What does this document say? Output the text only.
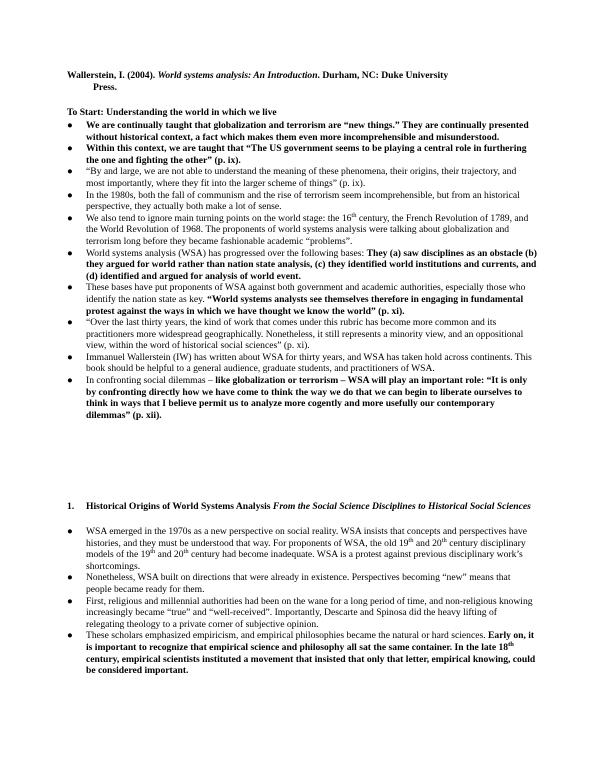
Wallerstein, I. (2004). World systems analysis: An Introduction. Durham, NC: Duke University
Press.
To Start: Understanding the world in which we live
● We are continually taught that globalization and terrorism are “new things.” They are continually presented without historical context, a fact which makes them even more incomprehensible and misunderstood.
● Within this context, we are taught that “The US government seems to be playing a central role in furthering the one and fighting the other” (p. ix).
● “By and large, we are not able to understand the meaning of these phenomena, their origins, their trajectory, and most importantly, where they fit into the larger scheme of things” (p. ix).
● In the 1980s, both the fall of communism and the rise of terrorism seem incomprehensible, but from an historical perspective, they actually both make a lot of sense.
● We also tend to ignore main turning points on the world stage: the 16th century, the French Revolution of 1789, and the World Revolution of 1968. The proponents of world systems analysis were talking about globalization and terrorism long before they became fashionable academic “problems”.
● World systems analysis (WSA) has progressed over the following bases: They (a) saw disciplines as an obstacle (b) they argued for world rather than nation state analysis, (c) they identified world institutions and currents, and (d) identified and argued for analysis of world event.
● These bases have put proponents of WSA against both government and academic authorities, especially those who identify the nation state as key. “World systems analysts see themselves therefore in engaging in fundamental protest against the ways in which we have thought we know the world” (p. xi).
● “Over the last thirty years, the kind of work that comes under this rubric has become more common and its practitioners more widespread geographically. Nonetheless, it still represents a minority view, and an oppositional view, within the word of historical social sciences” (p. xi).
● Immanuel Wallerstein (IW) has written about WSA for thirty years, and WSA has taken hold across continents. This book should be helpful to a general audience, graduate students, and practitioners of WSA.
● In confronting social dilemmas – like globalization or terrorism – WSA will play an important role: “It is only by confronting directly how we have come to think the way we do that we can begin to liberate ourselves to think in ways that I believe permit us to analyze more cogently and more usefully our contemporary dilemmas” (p. xii).
1.	Historical Origins of World Systems Analysis From the Social Science Disciplines to Historical Social Sciences
● WSA emerged in the 1970s as a new perspective on social reality. WSA insists that concepts and perspectives have histories, and they must be understood that way. For proponents of WSA, the old 19th and 20th century disciplinary models of the 19th and 20th century had become inadequate. WSA is a protest against previous disciplinary work’s shortcomings.
● Nonetheless, WSA built on directions that were already in existence. Perspectives becoming “new” means that people became ready for them.
● First, religious and millennial authorities had been on the wane for a long period of time, and non-religious knowing increasingly became “true” and “well-received”. Importantly, Descarte and Spinosa did the heavy lifting of relegating theology to a private corner of subjective opinion.
● These scholars emphasized empiricism, and empirical philosophies became the natural or hard sciences. Early on, it is important to recognize that empirical science and philosophy all sat the same container. In the late 18th century, empirical scientists instituted a movement that insisted that only that letter, empirical knowing, could be considered important.
